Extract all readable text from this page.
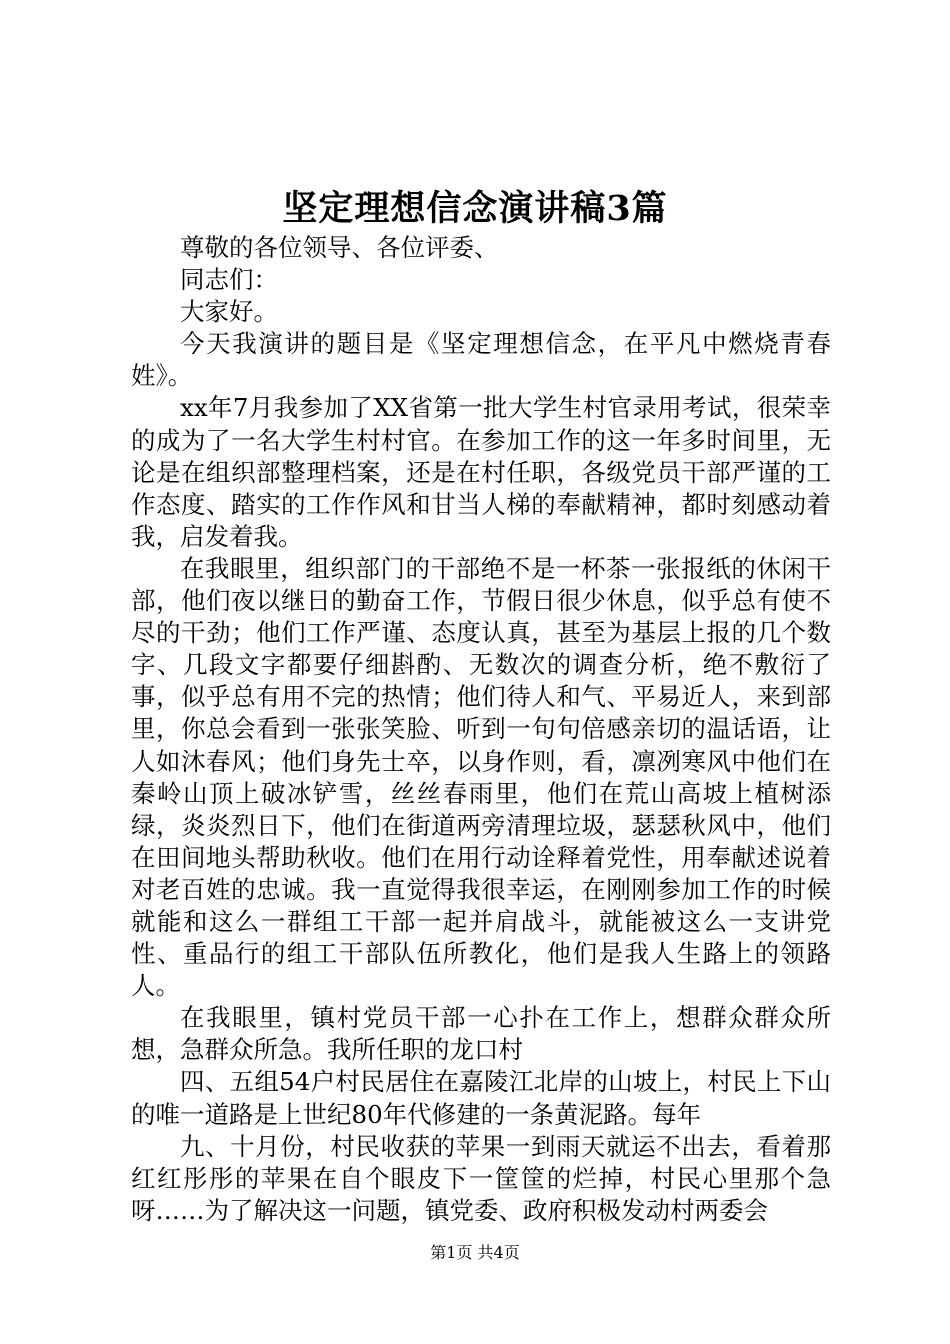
坚定理想信念演讲稿3篇

尊敬的各位领导、各位评委、

同志们：

大家好。

今天我演讲的题目是《坚定理想信念，在平凡中燃烧青春姓》。

xx年7月我参加了XX省第一批大学生村官录用考试，很荣幸的成为了一名大学生村村官。在参加工作的这一年多时间里，无论是在组织部整理档案，还是在村任职，各级党员干部严谨的工作态度、踏实的工作作风和甘当人梯的奉献精神，都时刻感动着我，启发着我。

在我眼里，组织部门的干部绝不是一杯茶一张报纸的休闲干部，他们夜以继日的勤奋工作，节假日很少休息，似乎总有使不尽的干劲；他们工作严谨、态度认真，甚至为基层上报的几个数字、几段文字都要仔细斟酌、无数次的调查分析，绝不敷衍了事，似乎总有用不完的热情；他们待人和气、平易近人，来到部里，你总会看到一张张笑脸、听到一句句倍感亲切的温话语，让人如沐春风；他们身先士卒，以身作则，看，凛冽寒风中他们在秦岭山顶上破冰铲雪，丝丝春雨里，他们在荒山高坡上植树添绿，炎炎烈日下，他们在街道两旁清理垃圾，瑟瑟秋风中，他们在田间地头帮助秋收。他们在用行动诠释着党性，用奉献述说着对老百姓的忠诚。我一直觉得我很幸运，在刚刚参加工作的时候就能和这么一群组工干部一起并肩战斗，就能被这么一支讲党性、重品行的组工干部队伍所教化，他们是我人生路上的领路人。

在我眼里，镇村党员干部一心扑在工作上，想群众群众所想，急群众所急。我所任职的龙口村

四、五组54户村民居住在嘉陵江北岸的山坡上，村民上下山的唯一道路是上世纪80年代修建的一条黄泥路。每年

九、十月份，村民收获的苹果一到雨天就运不出去，看着那红红彤彤的苹果在自个眼皮下一筐筐的烂掉，村民心里那个急呀……为了解决这一问题，镇党委、政府积极发动村两委会

第1页 共4页
